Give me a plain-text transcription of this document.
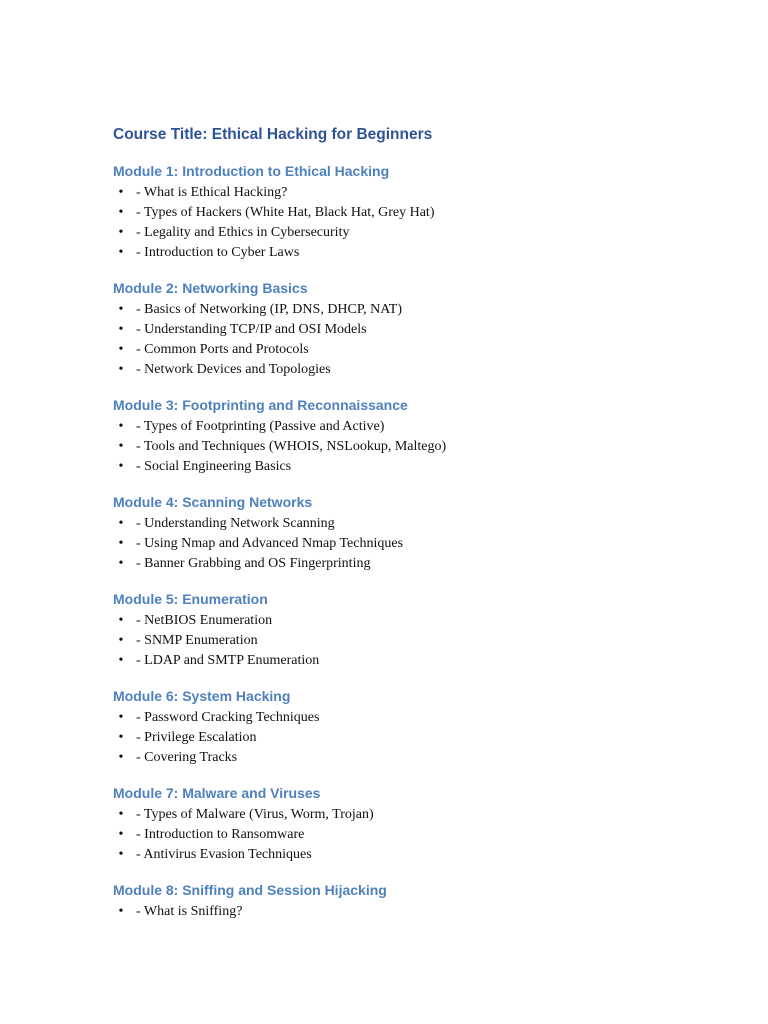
Course Title: Ethical Hacking for Beginners
Module 1: Introduction to Ethical Hacking
• - What is Ethical Hacking?
• - Types of Hackers (White Hat, Black Hat, Grey Hat)
• - Legality and Ethics in Cybersecurity
• - Introduction to Cyber Laws
Module 2: Networking Basics
• - Basics of Networking (IP, DNS, DHCP, NAT)
• - Understanding TCP/IP and OSI Models
• - Common Ports and Protocols
• - Network Devices and Topologies
Module 3: Footprinting and Reconnaissance
• - Types of Footprinting (Passive and Active)
• - Tools and Techniques (WHOIS, NSLookup, Maltego)
• - Social Engineering Basics
Module 4: Scanning Networks
• - Understanding Network Scanning
• - Using Nmap and Advanced Nmap Techniques
• - Banner Grabbing and OS Fingerprinting
Module 5: Enumeration
• - NetBIOS Enumeration
• - SNMP Enumeration
• - LDAP and SMTP Enumeration
Module 6: System Hacking
• - Password Cracking Techniques
• - Privilege Escalation
• - Covering Tracks
Module 7: Malware and Viruses
• - Types of Malware (Virus, Worm, Trojan)
• - Introduction to Ransomware
• - Antivirus Evasion Techniques
Module 8: Sniffing and Session Hijacking
• - What is Sniffing?
